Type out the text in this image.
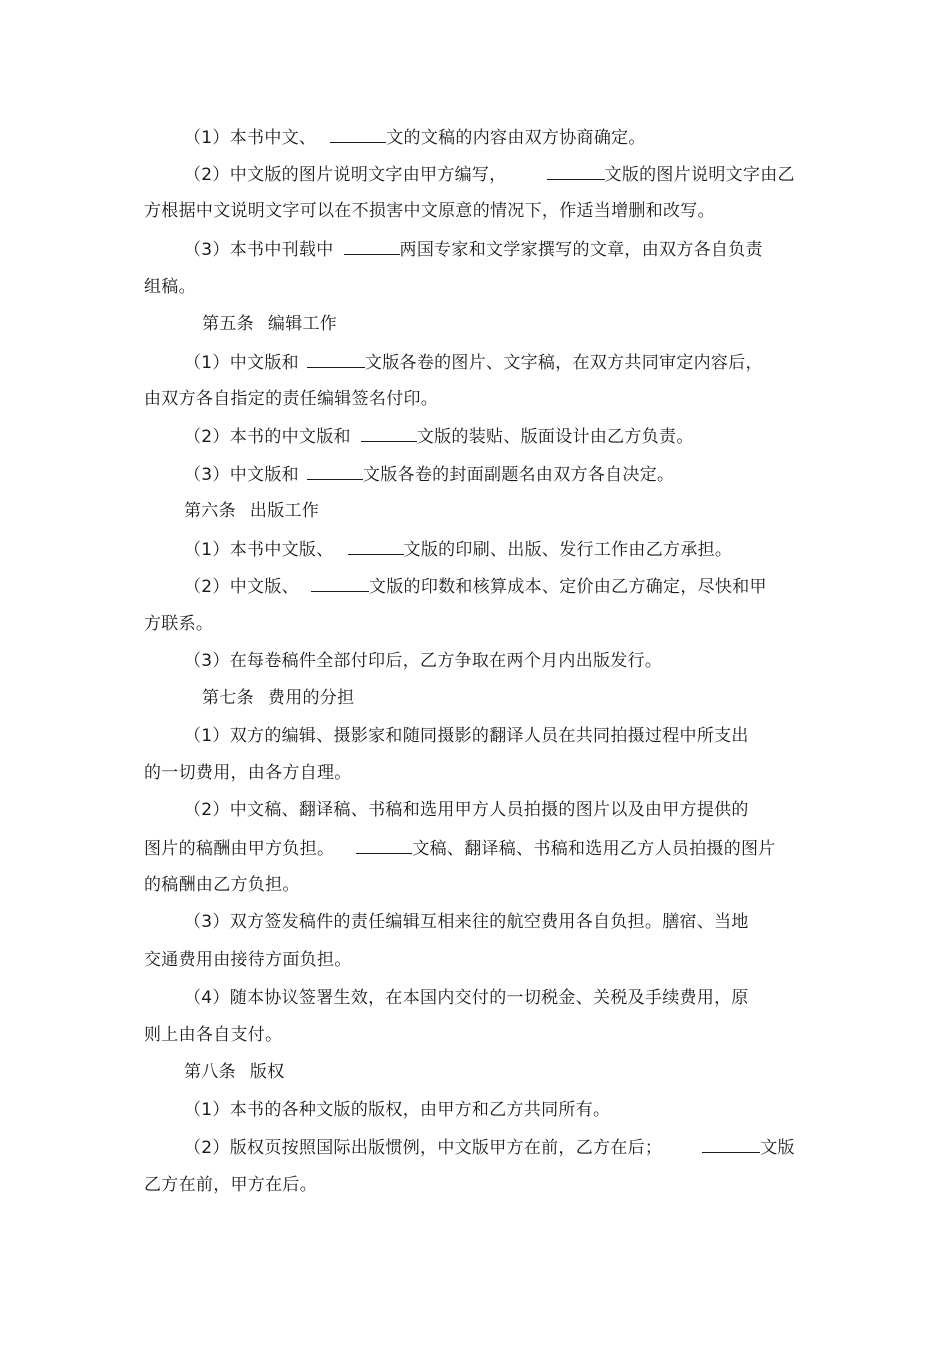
（1）本书中文、	文的文稿的内容由双方协商确定。
（2）中文版的图片说明文字由甲方编写，	文版的图片说明文字由乙
方根据中文说明文字可以在不损害中文原意的情况下，作适当增删和改写。
（3）本书中刊载中	两国专家和文学家撰写的文章，由双方各自负责
组稿。
第五条 编辑工作
（1）中文版和	文版各卷的图片、文字稿，在双方共同审定内容后，
由双方各自指定的责任编辑签名付印。
（2）本书的中文版和	文版的装贴、版面设计由乙方负责。
（3）中文版和	文版各卷的封面副题名由双方各自决定。
第六条 出版工作
（1）本书中文版、	文版的印刷、出版、发行工作由乙方承担。
（2）中文版、	文版的印数和核算成本、定价由乙方确定，尽快和甲
方联系。
（3）在每卷稿件全部付印后，乙方争取在两个月内出版发行。
第七条 费用的分担
（1）双方的编辑、摄影家和随同摄影的翻译人员在共同拍摄过程中所支出
的一切费用，由各方自理。
（2）中文稿、翻译稿、书稿和选用甲方人员拍摄的图片以及由甲方提供的
图片的稿酬由甲方负担。	文稿、翻译稿、书稿和选用乙方人员拍摄的图片
的稿酬由乙方负担。
（3）双方签发稿件的责任编辑互相来往的航空费用各自负担。膳宿、当地
交通费用由接待方面负担。
（4）随本协议签署生效，在本国内交付的一切税金、关税及手续费用，原
则上由各自支付。
第八条 版权
（1）本书的各种文版的版权，由甲方和乙方共同所有。
（2）版权页按照国际出版惯例，中文版甲方在前，乙方在后；	文版
乙方在前，甲方在后。
